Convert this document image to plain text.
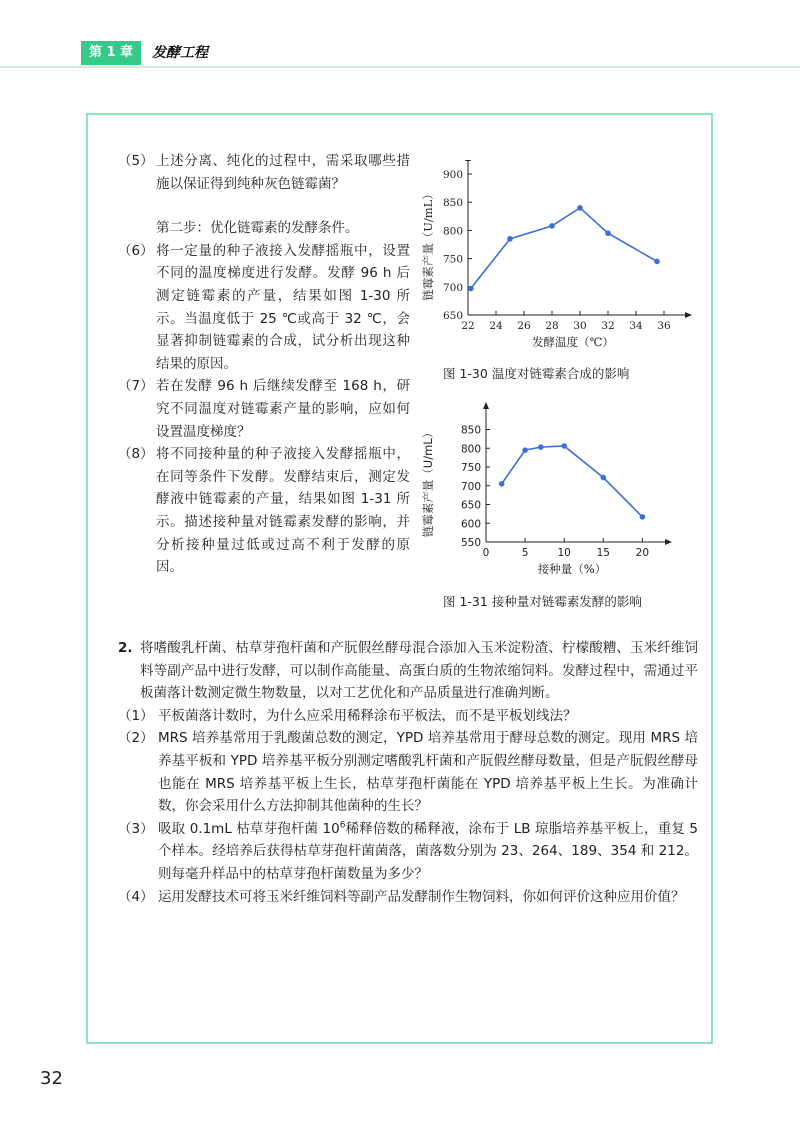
第 1 章	发酵工程
（5） 上述分离、纯化的过程中，需采取哪些措施以保证得到纯种灰色链霉菌？
第二步：优化链霉素的发酵条件。
（6） 将一定量的种子液接入发酵摇瓶中，设置不同的温度梯度进行发酵。发酵 96 h 后测定链霉素的产量，结果如图 1-30 所示。当温度低于 25 ℃或高于 32 ℃，会显著抑制链霉素的合成，试分析出现这种结果的原因。
（7） 若在发酵 96 h 后继续发酵至 168 h，研究不同温度对链霉素产量的影响，应如何设置温度梯度？
（8） 将不同接种量的种子液接入发酵摇瓶中，在同等条件下发酵。发酵结束后，测定发酵液中链霉素的产量，结果如图 1-31 所示。描述接种量对链霉素发酵的影响，并分析接种量过低或过高不利于发酵的原因。
22 24 26 28 30 32 34 36
650
700
750
800
850
900
发酵温度（℃）
链霉素产量（U/mL）
图 1-30 温度对链霉素合成的影响
0	5	10 15 20
550
600
650
700
750
800
850
接种量（%）
链霉素产量（U/mL）
图 1-31 接种量对链霉素发酵的影响
2. 将嗜酸乳杆菌、枯草芽孢杆菌和产朊假丝酵母混合添加入玉米淀粉渣、柠檬酸糟、玉米纤维饲料等副产品中进行发酵，可以制作高能量、高蛋白质的生物浓缩饲料。发酵过程中，需通过平板菌落计数测定微生物数量，以对工艺优化和产品质量进行准确判断。
（1） 平板菌落计数时，为什么应采用稀释涂布平板法，而不是平板划线法？
（2） MRS 培养基常用于乳酸菌总数的测定，YPD 培养基常用于酵母总数的测定。现用 MRS 培养基平板和 YPD 培养基平板分别测定嗜酸乳杆菌和产朊假丝酵母数量，但是产朊假丝酵母也能在 MRS 培养基平板上生长，枯草芽孢杆菌能在 YPD 培养基平板上生长。为准确计数，你会采用什么方法抑制其他菌种的生长？
（3） 吸取 0.1mL 枯草芽孢杆菌 $10^6$稀释倍数的稀释液，涂布于 LB 琼脂培养基平板上，重复 5 个样本。经培养后获得枯草芽孢杆菌菌落，菌落数分别为 23、264、189、354 和 212。则每毫升样品中的枯草芽孢杆菌数量为多少？
（4） 运用发酵技术可将玉米纤维饲料等副产品发酵制作生物饲料，你如何评价这种应用价值？
32
